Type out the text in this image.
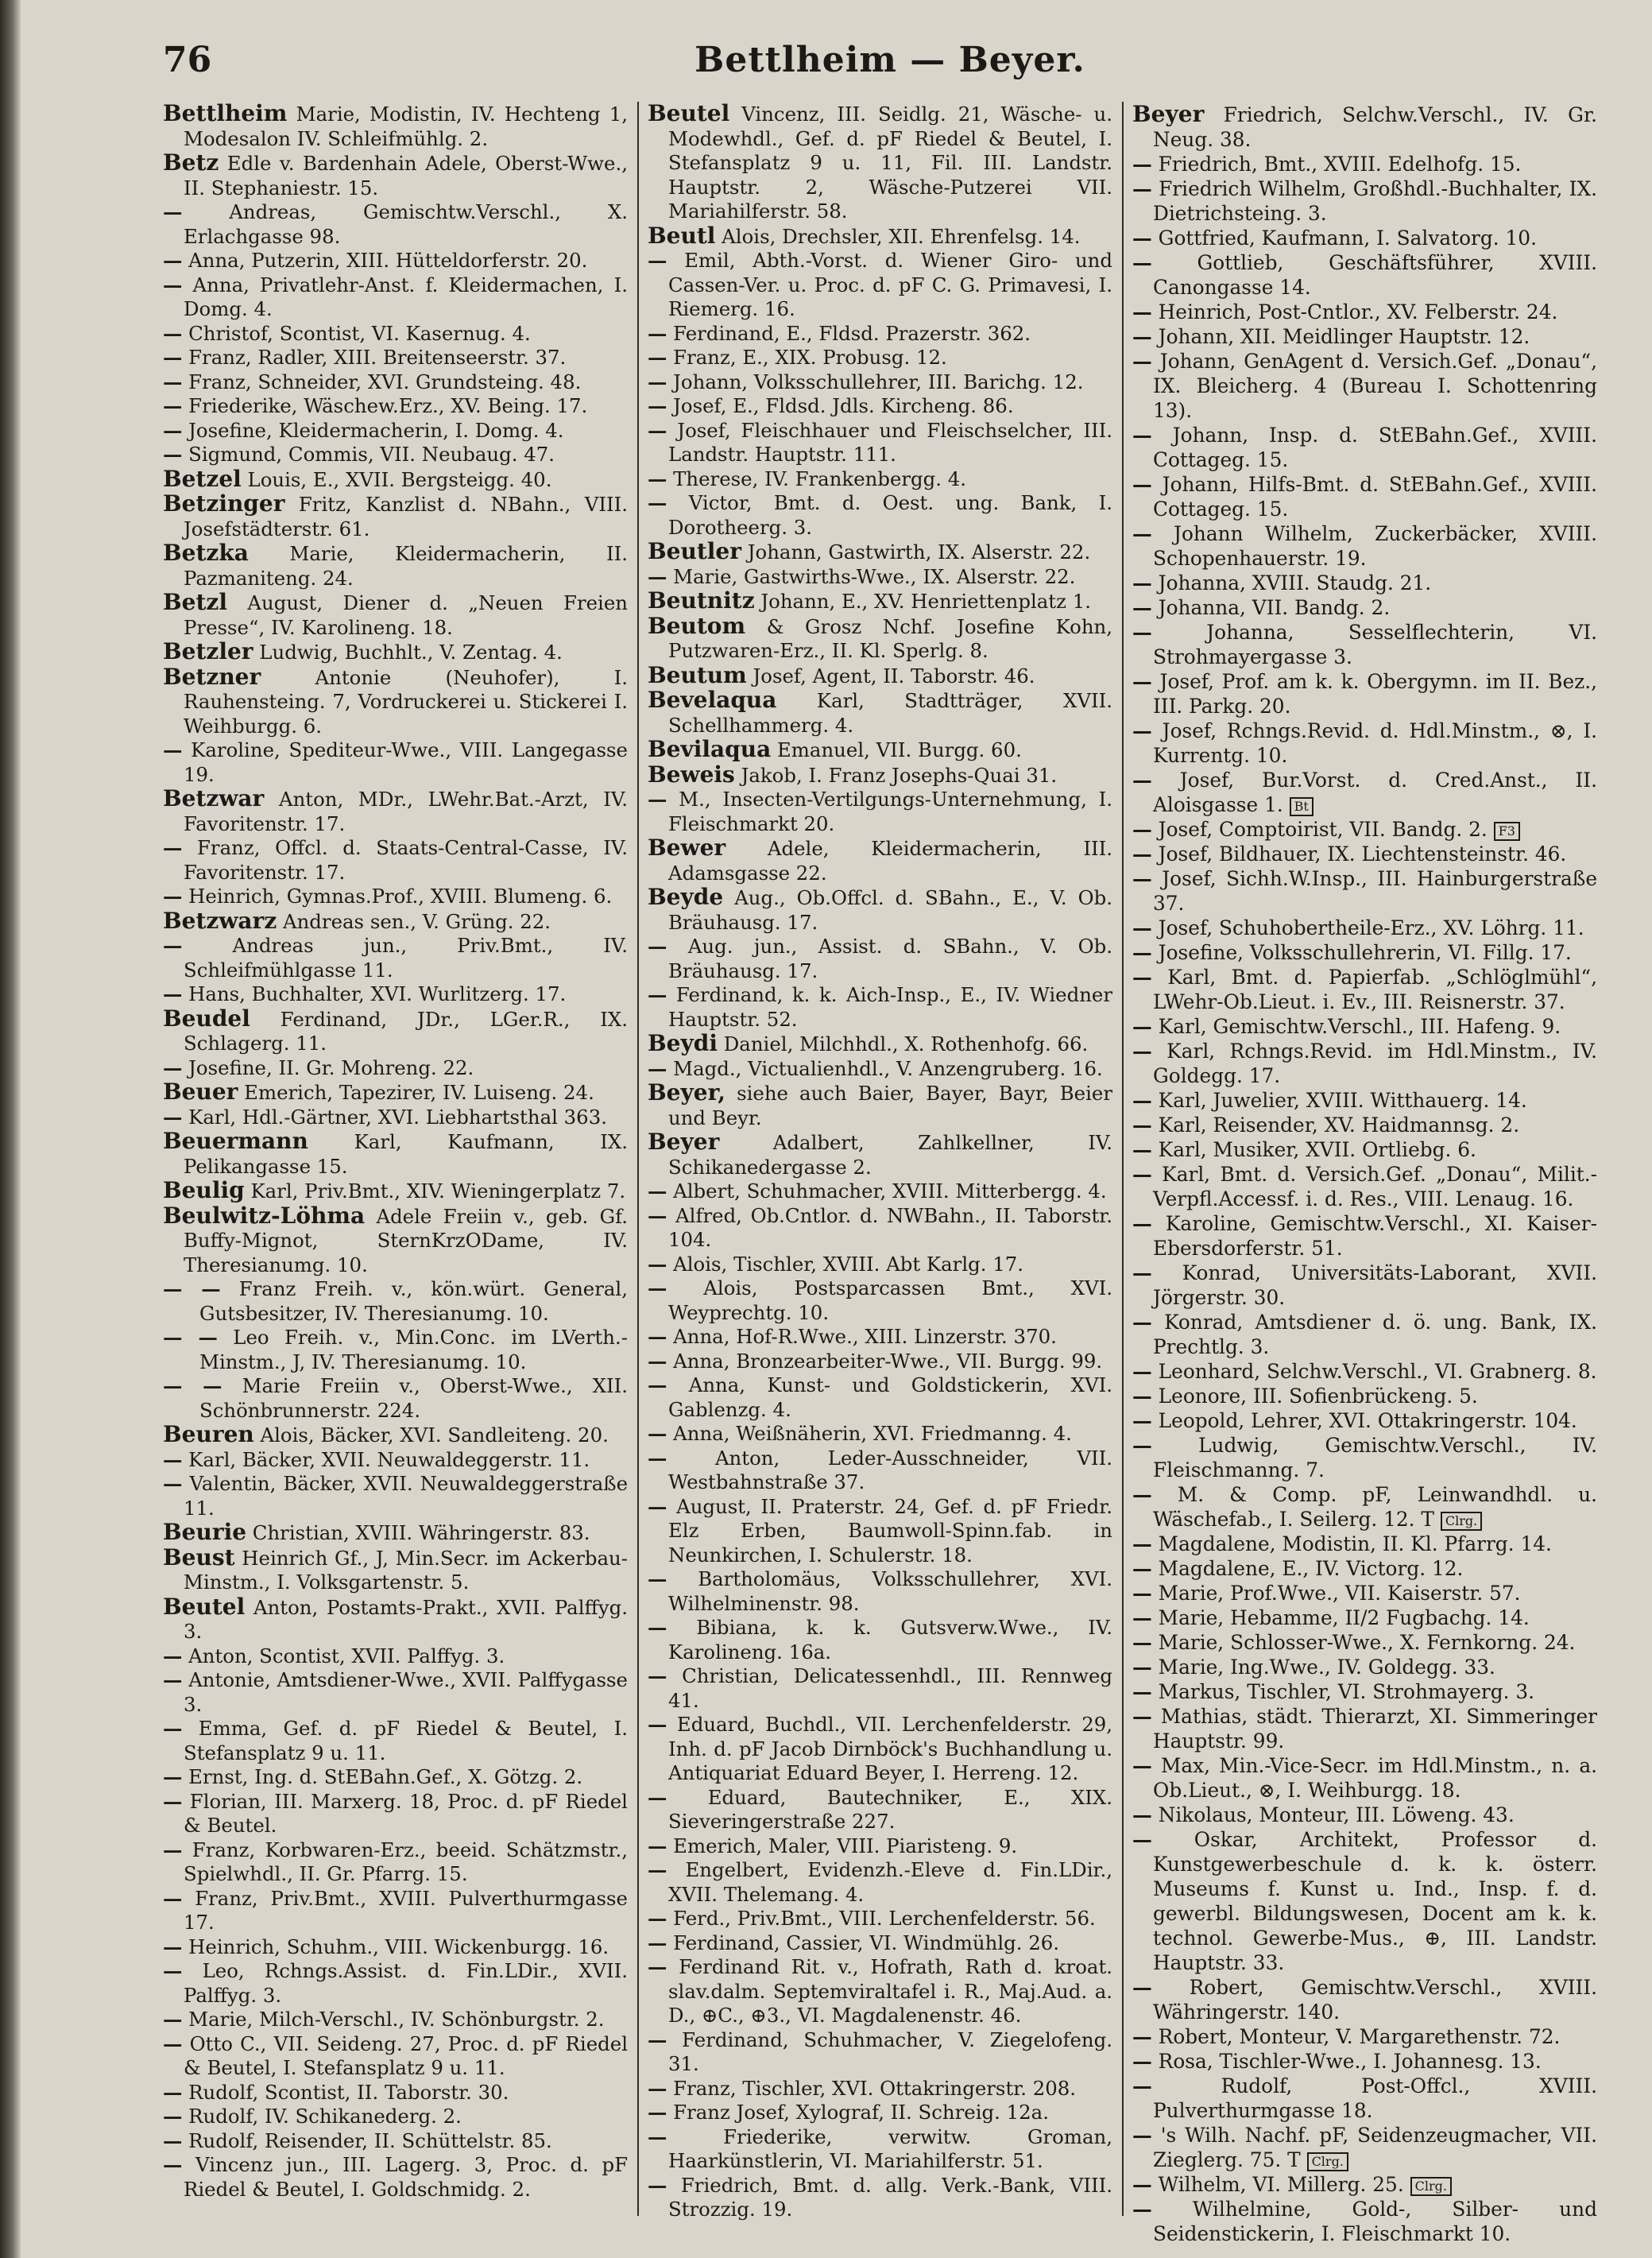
76	Bettlheim — Beyer.
Bettlheim Marie, Modistin, IV. Hechteng 1, Modesalon IV. Schleifmühlg. 2.
Betz Edle v. Bardenhain Adele, Oberst-Wwe., II. Stephaniestr. 15.
— Andreas, Gemischtw.Verschl., X. Erlachgasse 98.
— Anna, Putzerin, XIII. Hütteldorferstr. 20.
— Anna, Privatlehr-Anst. f. Kleidermachen, I. Domg. 4.
— Christof, Scontist, VI. Kasernug. 4.
— Franz, Radler, XIII. Breitenseerstr. 37.
— Franz, Schneider, XVI. Grundsteing. 48.
— Friederike, Wäschew.Erz., XV. Being. 17.
— Josefine, Kleidermacherin, I. Domg. 4.
— Sigmund, Commis, VII. Neubaug. 47.
Betzel Louis, E., XVII. Bergsteigg. 40.
Betzinger Fritz, Kanzlist d. NBahn., VIII. Josefstädterstr. 61.
Betzka Marie, Kleidermacherin, II. Pazmaniteng. 24.
Betzl August, Diener d. „Neuen Freien Presse“, IV. Karolineng. 18.
Betzler Ludwig, Buchhlt., V. Zentag. 4.
Betzner Antonie (Neuhofer), I. Rauhensteing. 7, Vordruckerei u. Stickerei I. Weihburgg. 6.
— Karoline, Spediteur-Wwe., VIII. Langegasse 19.
Betzwar Anton, MDr., LWehr.Bat.-Arzt, IV. Favoritenstr. 17.
— Franz, Offcl. d. Staats-Central-Casse, IV. Favoritenstr. 17.
— Heinrich, Gymnas.Prof., XVIII. Blumeng. 6.
Betzwarz Andreas sen., V. Grüng. 22.
— Andreas jun., Priv.Bmt., IV. Schleifmühlgasse 11.
— Hans, Buchhalter, XVI. Wurlitzerg. 17.
Beudel Ferdinand, JDr., LGer.R., IX. Schlagerg. 11.
— Josefine, II. Gr. Mohreng. 22.
Beuer Emerich, Tapezirer, IV. Luiseng. 24.
— Karl, Hdl.-Gärtner, XVI. Liebhartsthal 363.
Beuermann Karl, Kaufmann, IX. Pelikangasse 15.
Beulig Karl, Priv.Bmt., XIV. Wieningerplatz 7.
Beulwitz-Löhma Adele Freiin v., geb. Gf. Buffy-Mignot, SternKrzODame, IV. Theresianumg. 10.
— — Franz Freih. v., kön.würt. General, Gutsbesitzer, IV. Theresianumg. 10.
— — Leo Freih. v., Min.Conc. im LVerth.-Minstm., J, IV. Theresianumg. 10.
— — Marie Freiin v., Oberst-Wwe., XII. Schönbrunnerstr. 224.
Beuren Alois, Bäcker, XVI. Sandleiteng. 20.
— Karl, Bäcker, XVII. Neuwaldeggerstr. 11.
— Valentin, Bäcker, XVII. Neuwaldeggerstraße 11.
Beurie Christian, XVIII. Währingerstr. 83.
Beust Heinrich Gf., J, Min.Secr. im Ackerbau-Minstm., I. Volksgartenstr. 5.
Beutel Anton, Postamts-Prakt., XVII. Palffyg. 3.
— Anton, Scontist, XVII. Palffyg. 3.
— Antonie, Amtsdiener-Wwe., XVII. Palffygasse 3.
— Emma, Gef. d. pF Riedel & Beutel, I. Stefansplatz 9 u. 11.
— Ernst, Ing. d. StEBahn.Gef., X. Götzg. 2.
— Florian, III. Marxerg. 18, Proc. d. pF Riedel & Beutel.
— Franz, Korbwaren-Erz., beeid. Schätzmstr., Spielwhdl., II. Gr. Pfarrg. 15.
— Franz, Priv.Bmt., XVIII. Pulverthurmgasse 17.
— Heinrich, Schuhm., VIII. Wickenburgg. 16.
— Leo, Rchngs.Assist. d. Fin.LDir., XVII. Palffyg. 3.
— Marie, Milch-Verschl., IV. Schönburgstr. 2.
— Otto C., VII. Seideng. 27, Proc. d. pF Riedel & Beutel, I. Stefansplatz 9 u. 11.
— Rudolf, Scontist, II. Taborstr. 30.
— Rudolf, IV. Schikanederg. 2.
— Rudolf, Reisender, II. Schüttelstr. 85.
— Vincenz jun., III. Lagerg. 3, Proc. d. pF Riedel & Beutel, I. Goldschmidg. 2.
Beutel Vincenz, III. Seidlg. 21, Wäsche- u. Modewhdl., Gef. d. pF Riedel & Beutel, I. Stefansplatz 9 u. 11, Fil. III. Landstr. Hauptstr. 2, Wäsche-Putzerei VII. Mariahilferstr. 58.
Beutl Alois, Drechsler, XII. Ehrenfelsg. 14.
— Emil, Abth.-Vorst. d. Wiener Giro- und Cassen-Ver. u. Proc. d. pF C. G. Primavesi, I. Riemerg. 16.
— Ferdinand, E., Fldsd. Prazerstr. 362.
— Franz, E., XIX. Probusg. 12.
— Johann, Volksschullehrer, III. Barichg. 12.
— Josef, E., Fldsd. Jdls. Kircheng. 86.
— Josef, Fleischhauer und Fleischselcher, III. Landstr. Hauptstr. 111.
— Therese, IV. Frankenbergg. 4.
— Victor, Bmt. d. Oest. ung. Bank, I. Dorotheerg. 3.
Beutler Johann, Gastwirth, IX. Alserstr. 22.
— Marie, Gastwirths-Wwe., IX. Alserstr. 22.
Beutnitz Johann, E., XV. Henriettenplatz 1.
Beutom & Grosz Nchf. Josefine Kohn, Putzwaren-Erz., II. Kl. Sperlg. 8.
Beutum Josef, Agent, II. Taborstr. 46.
Bevelaqua Karl, Stadtträger, XVII. Schellhammerg. 4.
Bevilaqua Emanuel, VII. Burgg. 60.
Beweis Jakob, I. Franz Josephs-Quai 31.
— M., Insecten-Vertilgungs-Unternehmung, I. Fleischmarkt 20.
Bewer Adele, Kleidermacherin, III. Adamsgasse 22.
Beyde Aug., Ob.Offcl. d. SBahn., E., V. Ob. Bräuhausg. 17.
— Aug. jun., Assist. d. SBahn., V. Ob. Bräuhausg. 17.
— Ferdinand, k. k. Aich-Insp., E., IV. Wiedner Hauptstr. 52.
Beydi Daniel, Milchhdl., X. Rothenhofg. 66.
— Magd., Victualienhdl., V. Anzengruberg. 16.
Beyer, siehe auch Baier, Bayer, Bayr, Beier und Beyr.
Beyer Adalbert, Zahlkellner, IV. Schikanedergasse 2.
— Albert, Schuhmacher, XVIII. Mitterbergg. 4.
— Alfred, Ob.Cntlor. d. NWBahn., II. Taborstr. 104.
— Alois, Tischler, XVIII. Abt Karlg. 17.
— Alois, Postsparcassen Bmt., XVI. Weyprechtg. 10.
— Anna, Hof-R.Wwe., XIII. Linzerstr. 370.
— Anna, Bronzearbeiter-Wwe., VII. Burgg. 99.
— Anna, Kunst- und Goldstickerin, XVI. Gablenzg. 4.
— Anna, Weißnäherin, XVI. Friedmanng. 4.
— Anton, Leder-Ausschneider, VII. Westbahnstraße 37.
— August, II. Praterstr. 24, Gef. d. pF Friedr. Elz Erben, Baumwoll-Spinn.fab. in Neunkirchen, I. Schulerstr. 18.
— Bartholomäus, Volksschullehrer, XVI. Wilhelminenstr. 98.
— Bibiana, k. k. Gutsverw.Wwe., IV. Karolineng. 16a.
— Christian, Delicatessenhdl., III. Rennweg 41.
— Eduard, Buchdl., VII. Lerchenfelderstr. 29, Inh. d. pF Jacob Dirnböck's Buchhandlung u. Antiquariat Eduard Beyer, I. Herreng. 12.
— Eduard, Bautechniker, E., XIX. Sieveringerstraße 227.
— Emerich, Maler, VIII. Piaristeng. 9.
— Engelbert, Evidenzh.-Eleve d. Fin.LDir., XVII. Thelemang. 4.
— Ferd., Priv.Bmt., VIII. Lerchenfelderstr. 56.
— Ferdinand, Cassier, VI. Windmühlg. 26.
— Ferdinand Rit. v., Hofrath, Rath d. kroat. slav.dalm. Septemviraltafel i. R., Maj.Aud. a. D., ⊕C., ⊕3., VI. Magdalenenstr. 46.
— Ferdinand, Schuhmacher, V. Ziegelofeng. 31.
— Franz, Tischler, XVI. Ottakringerstr. 208.
— Franz Josef, Xylograf, II. Schreig. 12a.
— Friederike, verwitw. Groman, Haarkünstlerin, VI. Mariahilferstr. 51.
— Friedrich, Bmt. d. allg. Verk.-Bank, VIII. Strozzig. 19.
Beyer Friedrich, Selchw.Verschl., IV. Gr. Neug. 38.
— Friedrich, Bmt., XVIII. Edelhofg. 15.
— Friedrich Wilhelm, Großhdl.-Buchhalter, IX. Dietrichsteing. 3.
— Gottfried, Kaufmann, I. Salvatorg. 10.
— Gottlieb, Geschäftsführer, XVIII. Canongasse 14.
— Heinrich, Post-Cntlor., XV. Felberstr. 24.
— Johann, XII. Meidlinger Hauptstr. 12.
— Johann, GenAgent d. Versich.Gef. „Donau“, IX. Bleicherg. 4 (Bureau I. Schottenring 13).
— Johann, Insp. d. StEBahn.Gef., XVIII. Cottageg. 15.
— Johann, Hilfs-Bmt. d. StEBahn.Gef., XVIII. Cottageg. 15.
— Johann Wilhelm, Zuckerbäcker, XVIII. Schopenhauerstr. 19.
— Johanna, XVIII. Staudg. 21.
— Johanna, VII. Bandg. 2.
— Johanna, Sesselflechterin, VI. Strohmayergasse 3.
— Josef, Prof. am k. k. Obergymn. im II. Bez., III. Parkg. 20.
— Josef, Rchngs.Revid. d. Hdl.Minstm., ⊗, I. Kurrentg. 10.
— Josef, Bur.Vorst. d. Cred.Anst., II. Aloisgasse 1. Bt
— Josef, Comptoirist, VII. Bandg. 2. F3
— Josef, Bildhauer, IX. Liechtensteinstr. 46.
— Josef, Sichh.W.Insp., III. Hainburgerstraße 37.
— Josef, Schuhobertheile-Erz., XV. Löhrg. 11.
— Josefine, Volksschullehrerin, VI. Fillg. 17.
— Karl, Bmt. d. Papierfab. „Schlöglmühl“, LWehr-Ob.Lieut. i. Ev., III. Reisnerstr. 37.
— Karl, Gemischtw.Verschl., III. Hafeng. 9.
— Karl, Rchngs.Revid. im Hdl.Minstm., IV. Goldegg. 17.
— Karl, Juwelier, XVIII. Witthauerg. 14.
— Karl, Reisender, XV. Haidmannsg. 2.
— Karl, Musiker, XVII. Ortliebg. 6.
— Karl, Bmt. d. Versich.Gef. „Donau“, Milit.-Verpfl.Accessf. i. d. Res., VIII. Lenaug. 16.
— Karoline, Gemischtw.Verschl., XI. Kaiser-Ebersdorferstr. 51.
— Konrad, Universitäts-Laborant, XVII. Jörgerstr. 30.
— Konrad, Amtsdiener d. ö. ung. Bank, IX. Prechtlg. 3.
— Leonhard, Selchw.Verschl., VI. Grabnerg. 8.
— Leonore, III. Sofienbrückeng. 5.
— Leopold, Lehrer, XVI. Ottakringerstr. 104.
— Ludwig, Gemischtw.Verschl., IV. Fleischmanng. 7.
— M. & Comp. pF, Leinwandhdl. u. Wäschefab., I. Seilerg. 12. T Clrg.
— Magdalene, Modistin, II. Kl. Pfarrg. 14.
— Magdalene, E., IV. Victorg. 12.
— Marie, Prof.Wwe., VII. Kaiserstr. 57.
— Marie, Hebamme, II/2 Fugbachg. 14.
— Marie, Schlosser-Wwe., X. Fernkorng. 24.
— Marie, Ing.Wwe., IV. Goldegg. 33.
— Markus, Tischler, VI. Strohmayerg. 3.
— Mathias, städt. Thierarzt, XI. Simmeringer Hauptstr. 99.
— Max, Min.-Vice-Secr. im Hdl.Minstm., n. a. Ob.Lieut., ⊗, I. Weihburgg. 18.
— Nikolaus, Monteur, III. Löweng. 43.
— Oskar, Architekt, Professor d. Kunstgewerbeschule d. k. k. österr. Museums f. Kunst u. Ind., Insp. f. d. gewerbl. Bildungswesen, Docent am k. k. technol. Gewerbe-Mus., ⊕, III. Landstr. Hauptstr. 33.
— Robert, Gemischtw.Verschl., XVIII. Währingerstr. 140.
— Robert, Monteur, V. Margarethenstr. 72.
— Rosa, Tischler-Wwe., I. Johannesg. 13.
— Rudolf, Post-Offcl., XVIII. Pulverthurmgasse 18.
— 's Wilh. Nachf. pF, Seidenzeugmacher, VII. Zieglerg. 75. T Clrg.
— Wilhelm, VI. Millerg. 25. Clrg.
— Wilhelmine, Gold-, Silber- und Seidenstickerin, I. Fleischmarkt 10.
